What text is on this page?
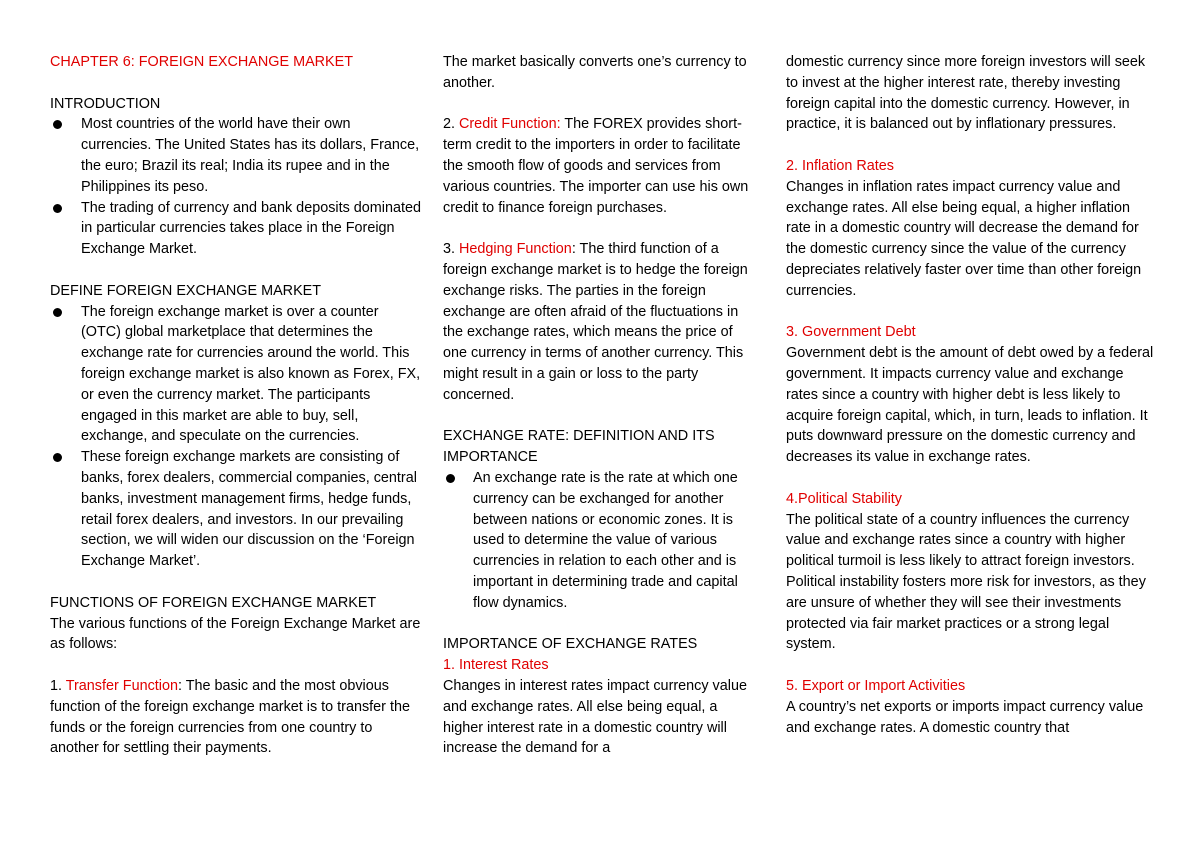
CHAPTER 6: FOREIGN EXCHANGE MARKET

INTRODUCTION

Most countries of the world have their own currencies. The United States has its dollars, France, the euro; Brazil its real; India its rupee and in the Philippines its peso.
The trading of currency and bank deposits dominated in particular currencies takes place in the Foreign Exchange Market.

DEFINE FOREIGN EXCHANGE MARKET

The foreign exchange market is over a counter (OTC) global marketplace that determines the exchange rate for currencies around the world. This foreign exchange market is also known as Forex, FX, or even the currency market. The participants engaged in this market are able to buy, sell, exchange, and speculate on the currencies.
These foreign exchange markets are consisting of banks, forex dealers, commercial companies, central banks, investment management firms, hedge funds, retail forex dealers, and investors. In our prevailing section, we will widen our discussion on the ‘Foreign Exchange Market’.

FUNCTIONS OF FOREIGN EXCHANGE MARKET

The various functions of the Foreign Exchange Market are as follows:

1. Transfer Function: The basic and the most obvious function of the foreign exchange market is to transfer the funds or the foreign currencies from one country to another for settling their payments.

The market basically converts one’s currency to another.

2. Credit Function: The FOREX provides short-term credit to the importers in order to facilitate the smooth flow of goods and services from various countries. The importer can use his own credit to finance foreign purchases.

3. Hedging Function: The third function of a foreign exchange market is to hedge the foreign exchange risks. The parties in the foreign exchange are often afraid of the fluctuations in the exchange rates, which means the price of one currency in terms of another currency. This might result in a gain or loss to the party concerned.

EXCHANGE RATE: DEFINITION AND ITS IMPORTANCE

An exchange rate is the rate at which one currency can be exchanged for another between nations or economic zones. It is used to determine the value of various currencies in relation to each other and is important in determining trade and capital flow dynamics.

IMPORTANCE OF EXCHANGE RATES

1. Interest Rates

Changes in interest rates impact currency value and exchange rates. All else being equal, a higher interest rate in a domestic country will increase the demand for a

domestic currency since more foreign investors will seek to invest at the higher interest rate, thereby investing foreign capital into the domestic currency. However, in practice, it is balanced out by inflationary pressures.

2. Inflation Rates

Changes in inflation rates impact currency value and exchange rates. All else being equal, a higher inflation rate in a domestic country will decrease the demand for the domestic currency since the value of the currency depreciates relatively faster over time than other foreign currencies.

3. Government Debt

Government debt is the amount of debt owed by a federal government. It impacts currency value and exchange rates since a country with higher debt is less likely to acquire foreign capital, which, in turn, leads to inflation. It puts downward pressure on the domestic currency and decreases its value in exchange rates.

4.Political Stability

The political state of a country influences the currency value and exchange rates since a country with higher political turmoil is less likely to attract foreign investors. Political instability fosters more risk for investors, as they are unsure of whether they will see their investments protected via fair market practices or a strong legal system.

5. Export or Import Activities

A country’s net exports or imports impact currency value and exchange rates. A domestic country that
